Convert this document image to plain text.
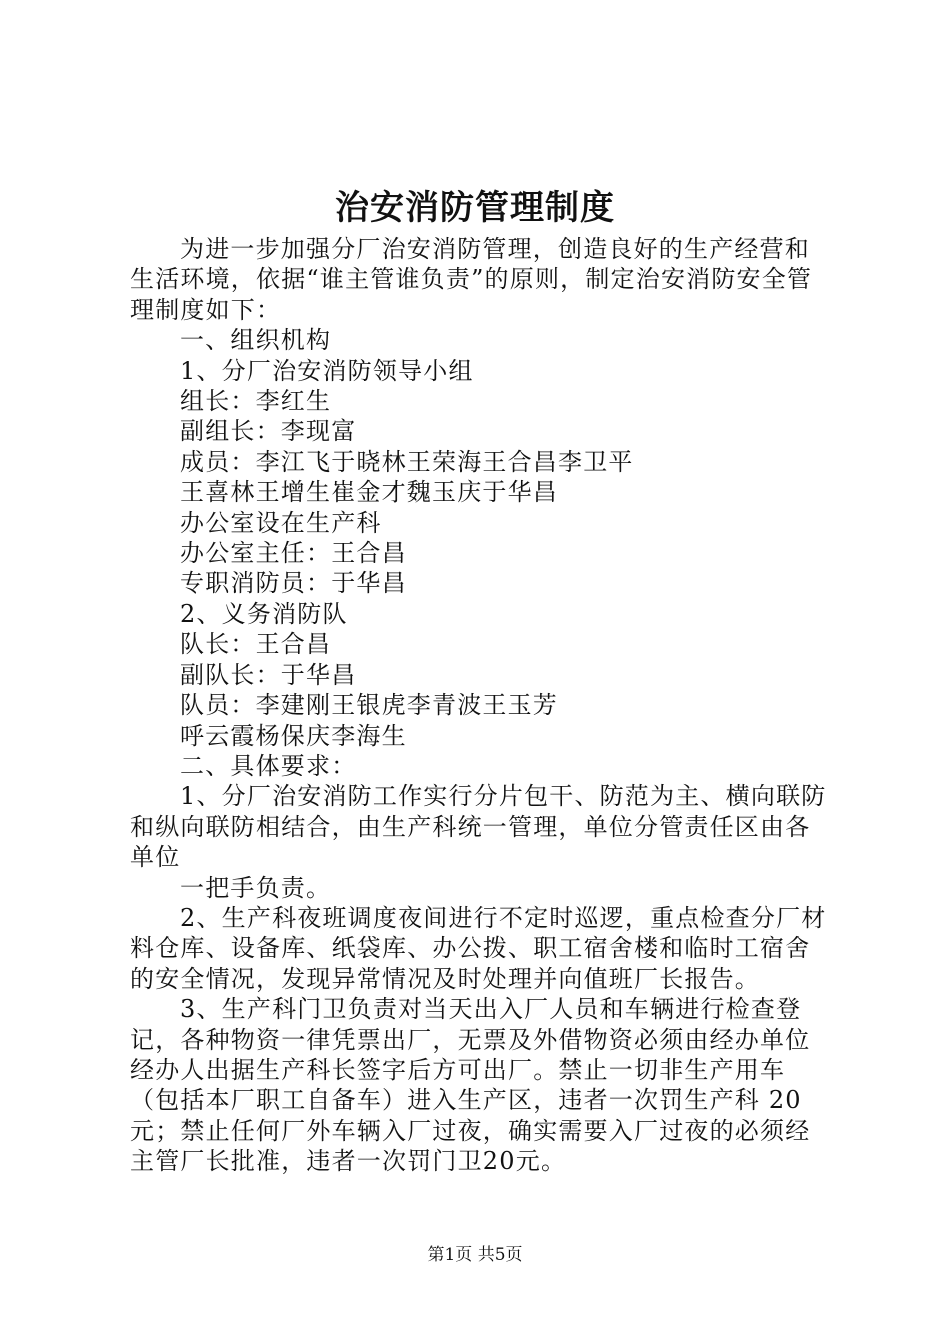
治安消防管理制度

为进一步加强分厂治安消防管理，创造良好的生产经营和生活环境，依据“谁主管谁负责”的原则，制定治安消防安全管理制度如下：

一、组织机构

1、分厂治安消防领导小组

组长：李红生

副组长：李现富

成员：李江飞于晓林王荣海王合昌李卫平

王喜林王增生崔金才魏玉庆于华昌

办公室设在生产科

办公室主任：王合昌

专职消防员：于华昌

2、义务消防队

队长：王合昌

副队长：于华昌

队员：李建刚王银虎李青波王玉芳

呼云霞杨保庆李海生

二、具体要求：

1、分厂治安消防工作实行分片包干、防范为主、横向联防和纵向联防相结合，由生产科统一管理，单位分管责任区由各单位

一把手负责。

2、生产科夜班调度夜间进行不定时巡逻，重点检查分厂材料仓库、设备库、纸袋库、办公拨、职工宿舍楼和临时工宿舍的安全情况，发现异常情况及时处理并向值班厂长报告。

3、生产科门卫负责对当天出入厂人员和车辆进行检查登记，各种物资一律凭票出厂，无票及外借物资必须由经办单位经办人出据生产科长签字后方可出厂。禁止一切非生产用车（包括本厂职工自备车）进入生产区，违者一次罚生产科 20 元；禁止任何厂外车辆入厂过夜，确实需要入厂过夜的必须经主管厂长批准，违者一次罚门卫20元。

第1页 共5页
